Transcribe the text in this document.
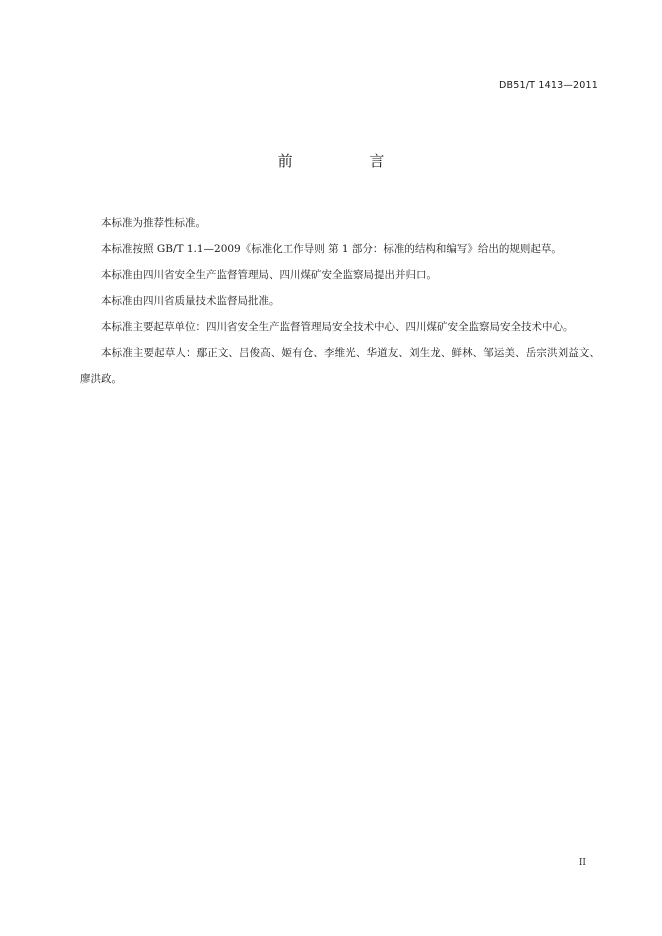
DB51/T 1413—2011
前 言

本标准为推荐性标准。

本标准按照 GB/T 1.1—2009《标准化工作导则 第 1 部分：标准的结构和编写》给出的规则起草。

本标准由四川省安全生产监督管理局、四川煤矿安全监察局提出并归口。

本标准由四川省质量技术监督局批准。

本标准主要起草单位：四川省安全生产监督管理局安全技术中心、四川煤矿安全监察局安全技术中心。

本标准主要起草人：鄢正文、吕俊高、姬有仓、李维光、华道友、刘生龙、鲜林、邹运美、岳宗洪刘益文、廖洪政。

II
